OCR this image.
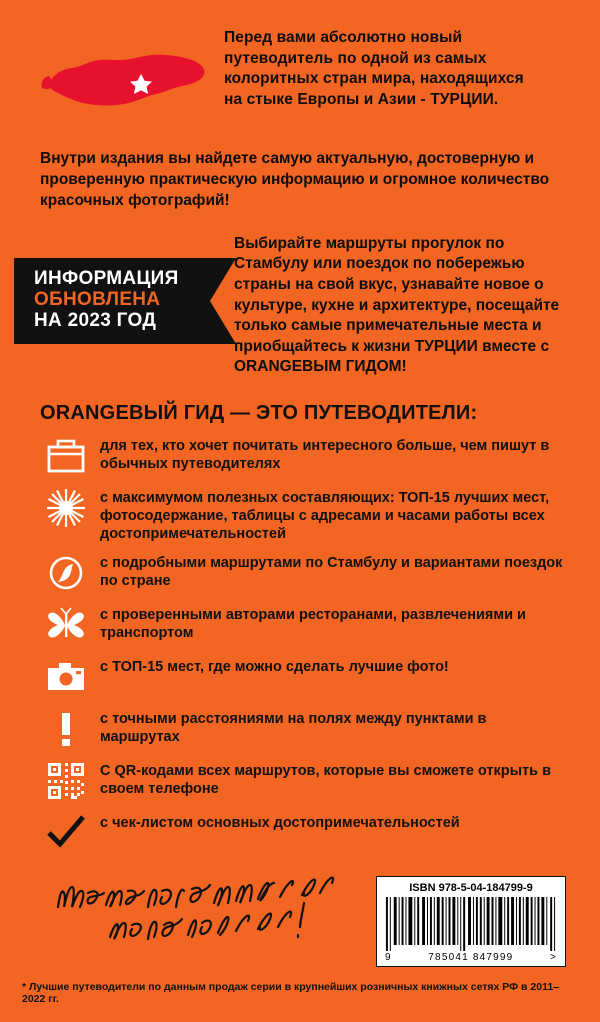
Перед вами абсолютно новый
путеводитель по одной из самых
колоритных стран мира, находящихся
на стыке Европы и Азии - ТУРЦИИ.
Внутри издания вы найдете самую актуальную, достоверную и проверенную практическую информацию и огромное количество красочных фотографий!
ИНФОРМАЦИЯ
ОБНОВЛЕНА
НА 2023 ГОД
Выбирайте маршруты прогулок по Стамбулу или поездок по побережью страны на свой вкус, узнавайте новое о культуре, кухне и архитектуре, посещайте только самые примечательные места и приобщайтесь к жизни ТУРЦИИ вместе с ORANGEВЫМ ГИДОМ!
ORANGEВЫЙ ГИД — ЭТО ПУТЕВОДИТЕЛИ:
для тех, кто хочет почитать интересного больше, чем пишут в обычных путеводителях
с максимумом полезных составляющих: ТОП-15 лучших мест, фотосодержание, таблицы с адресами и часами работы всех достопримечательностей
с подробными маршрутами по Стамбулу и вариантами поездок по стране
с проверенными авторами ресторанами, развлечениями и транспортом
с ТОП-15 мест, где можно сделать лучшие фото!
с точными расстояниями на полях между пунктами в маршрутах
С QR-кодами всех маршрутов, которые вы сможете открыть в своем телефоне
с чек-листом основных достопримечательностей
ISBN 978-5-04-184799-9
9	785041 847999	>
* Лучшие путеводители по данным продаж серии в крупнейших розничных книжных сетях РФ в 2011–2022 гг.
